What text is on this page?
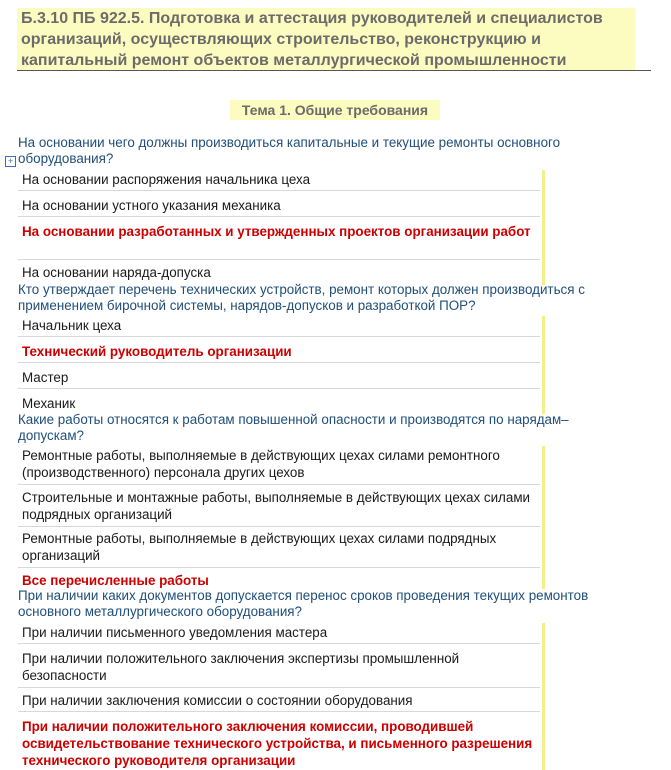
Б.3.10 ПБ 922.5. Подготовка и аттестация руководителей и специалистов организаций, осуществляющих строительство, реконструкцию и капитальный ремонт объектов металлургической промышленности
Тема 1. Общие требования
+
На основании чего должны производиться капитальные и текущие ремонты основного оборудования?
На основании распоряжения начальника цеха
На основании устного указания механика
На основании разработанных и утвержденных проектов организации работ
На основании наряда-допуска
Кто утверждает перечень технических устройств, ремонт которых должен производиться с применением бирочной системы, нарядов-допусков и разработкой ПОР?
Начальник цеха
Технический руководитель организации
Мастер
Механик
Какие работы относятся к работам повышенной опасности и производятся по нарядам–допускам?
Ремонтные работы, выполняемые в действующих цехах силами ремонтного (производственного) персонала других цехов
Строительные и монтажные работы, выполняемые в действующих цехах силами подрядных организаций
Ремонтные работы, выполняемые в действующих цехах силами подрядных организаций
Все перечисленные работы
При наличии каких документов допускается перенос сроков проведения текущих ремонтов основного металлургического оборудования?
При наличии письменного уведомления мастера
При наличии положительного заключения экспертизы промышленной безопасности
При наличии заключения комиссии о состоянии оборудования
При наличии положительного заключения комиссии, проводившей освидетельствование технического устройства, и письменного разрешения технического руководителя организации
